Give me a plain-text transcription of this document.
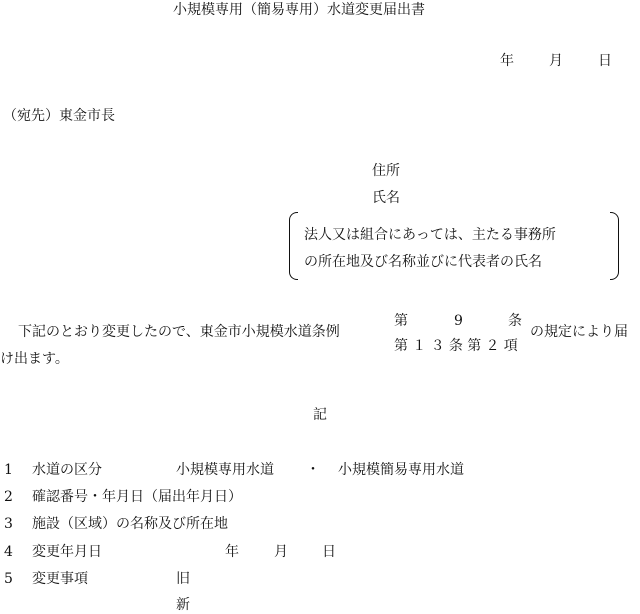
小規模専用（簡易専用）水道変更届出書
年	月	日
（宛先）東金市長
住所
氏名
法人又は組合にあっては、主たる事務所
の所在地及び名称並びに代表者の氏名
下記のとおり変更したので、東金市小規模水道条例
第	9	条
第１３条第２項
の規定により届
け出ます。
記
1 水道の区分	小規模専用水道 ・ 小規模簡易専用水道
2 確認番号・年月日（届出年月日）
3 施設（区域）の名称及び所在地
4 変更年月日	年	月 日
5 変更事項	旧
新
